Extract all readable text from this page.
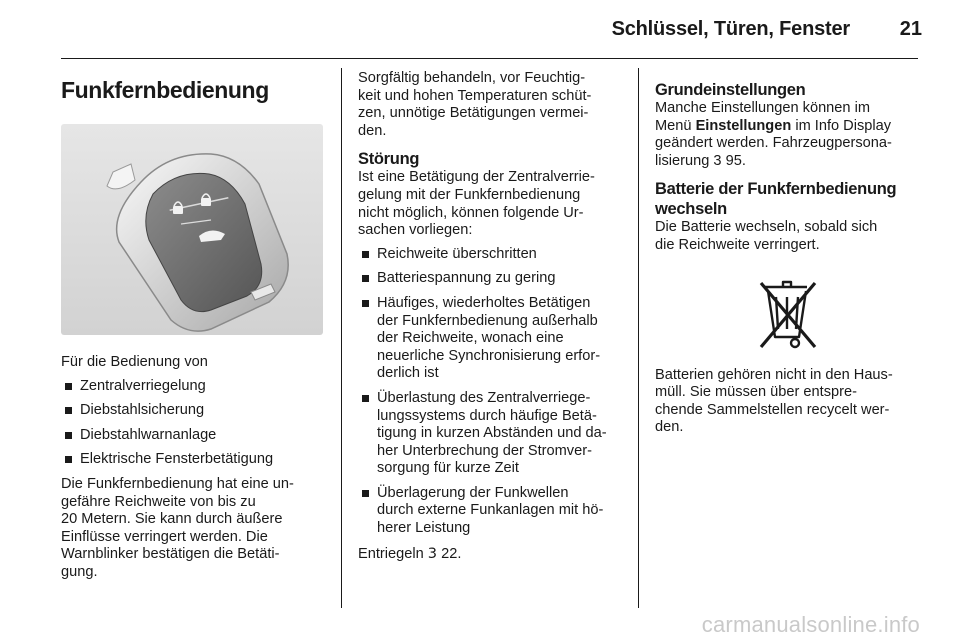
Schlüssel, Türen, Fenster	21

Funkfernbedienung

Für die Bedienung von

Zentralverriegelung
Diebstahlsicherung
Diebstahlwarnanlage
Elektrische Fensterbetätigung

Die Funkfernbedienung hat eine un-

gefähre Reichweite von bis zu

20 Metern. Sie kann durch äußere

Einflüsse verringert werden. Die

Warnblinker bestätigen die Betäti-

gung.

Sorgfältig behandeln, vor Feuchtig-

keit und hohen Temperaturen schüt-

zen, unnötige Betätigungen vermei-

den.

Störung

Ist eine Betätigung der Zentralverrie-

gelung mit der Funkfernbedienung

nicht möglich, können folgende Ur-

sachen vorliegen:

Reichweite überschritten
Batteriespannung zu gering
Häufiges, wiederholtes Betätigen
der Funkfernbedienung außerhalb
der Reichweite, wonach eine
neuerliche Synchronisierung erfor-
derlich ist
Überlastung des Zentralverriege-
lungssystems durch häufige Betä-
tigung in kurzen Abständen und da-
her Unterbrechung der Stromver-
sorgung für kurze Zeit
Überlagerung der Funkwellen
durch externe Funkanlagen mit hö-
herer Leistung

Entriegeln 3 22.

Grundeinstellungen

Manche Einstellungen können im

Menü Einstellungen im Info Display

geändert werden. Fahrzeugpersona-

lisierung 3 95.

Batterie der Funkfernbedienung
wechseln

Die Batterie wechseln, sobald sich

die Reichweite verringert.

Batterien gehören nicht in den Haus-

müll. Sie müssen über entspre-

chende Sammelstellen recycelt wer-

den.

carmanualsonline.info
